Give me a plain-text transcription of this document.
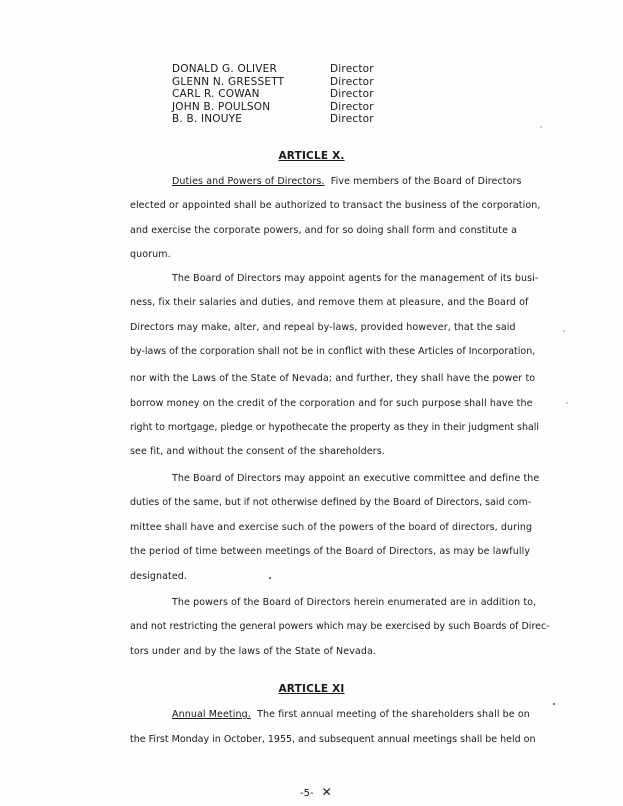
DONALD G. OLIVER	Director
GLENN N. GRESSETT	Director
CARL R. COWAN	Director
JOHN B. POULSON	Director
B. B. INOUYE	Director
ARTICLE X.
Duties and Powers of Directors. Five members of the Board of Directors
elected or appointed shall be authorized to transact the business of the corporation,
and exercise the corporate powers, and for so doing shall form and constitute a
quorum.
The Board of Directors may appoint agents for the management of its busi-
ness, fix their salaries and duties, and remove them at pleasure, and the Board of
Directors may make, alter, and repeal by-laws, provided however, that the said
by-laws of the corporation shall not be in conflict with these Articles of Incorporation,
nor with the Laws of the State of Nevada; and further, they shall have the power to
borrow money on the credit of the corporation and for such purpose shall have the
right to mortgage, pledge or hypothecate the property as they in their judgment shall
see fit, and without the consent of the shareholders.
The Board of Directors may appoint an executive committee and define the
duties of the same, but if not otherwise defined by the Board of Directors, said com-
mittee shall have and exercise such of the powers of the board of directors, during
the period of time between meetings of the Board of Directors, as may be lawfully
designated.
The powers of the Board of Directors herein enumerated are in addition to,
and not restricting the general powers which may be exercised by such Boards of Direc-
tors under and by the laws of the State of Nevada.
ARTICLE XI
Annual Meeting. The first annual meeting of the shareholders shall be on
the First Monday in October, 1955, and subsequent annual meetings shall be held on
-5- ✕
